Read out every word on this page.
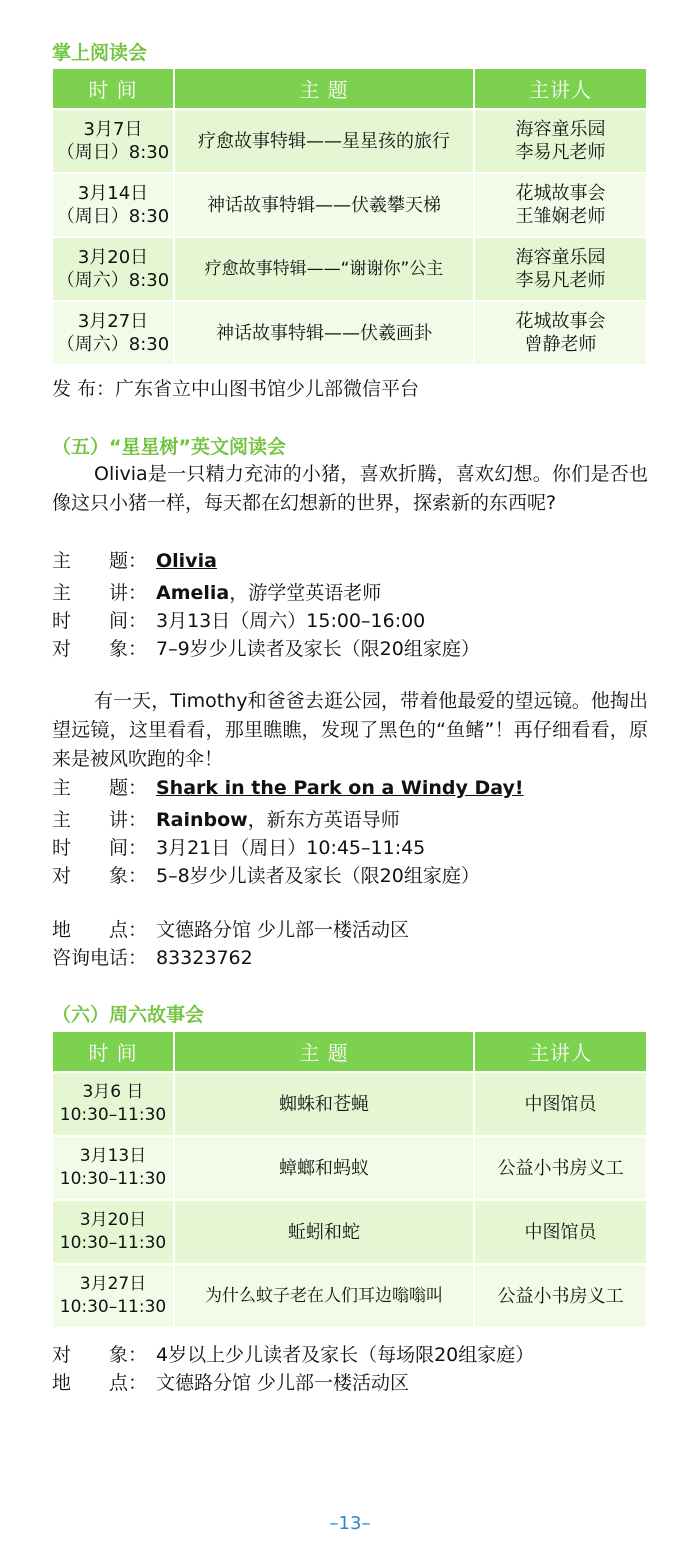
掌上阅读会
时 间	主 题	主讲人

3月7日
（周日）8:30	疗愈故事特辑——星星孩的旅行	海容童乐园
李易凡老师

3月14日
（周日）8:30	神话故事特辑——伏羲攀天梯	花城故事会
王雏娴老师

3月20日
（周六）8:30	疗愈故事特辑——“谢谢你”公主	海容童乐园
李易凡老师

3月27日
（周六）8:30	神话故事特辑——伏羲画卦	花城故事会
曾静老师
发 布：广东省立中山图书馆少儿部微信平台
（五）“星星树”英文阅读会
Olivia是一只精力充沛的小猪，喜欢折腾，喜欢幻想。你们是否也像这只小猪一样，每天都在幻想新的世界，探索新的东西呢?
主　　题： Olivia
主　　讲： Amelia，游学堂英语老师
时　　间： 3月13日（周六）15:00–16:00
对　　象： 7–9岁少儿读者及家长（限20组家庭）
有一天，Timothy和爸爸去逛公园，带着他最爱的望远镜。他掏出望远镜，这里看看，那里瞧瞧，发现了黑色的“鱼鳍”！再仔细看看，原来是被风吹跑的伞！
主　　题： Shark in the Park on a Windy Day!
主　　讲： Rainbow，新东方英语导师
时　　间： 3月21日（周日）10:45–11:45
对　　象： 5–8岁少儿读者及家长（限20组家庭）
地　　点： 文德路分馆 少儿部一楼活动区
咨询电话： 83323762
（六）周六故事会
时 间	主 题	主讲人

3月6 日
10:30–11:30	蜘蛛和苍蝇	中图馆员

3月13日
10:30–11:30	蟑螂和蚂蚁	公益小书房义工

3月20日
10:30–11:30	蚯蚓和蛇	中图馆员

3月27日
10:30–11:30	为什么蚊子老在人们耳边嗡嗡叫	公益小书房义工
对　　象： 4岁以上少儿读者及家长（每场限20组家庭）
地　　点： 文德路分馆 少儿部一楼活动区
–13–
